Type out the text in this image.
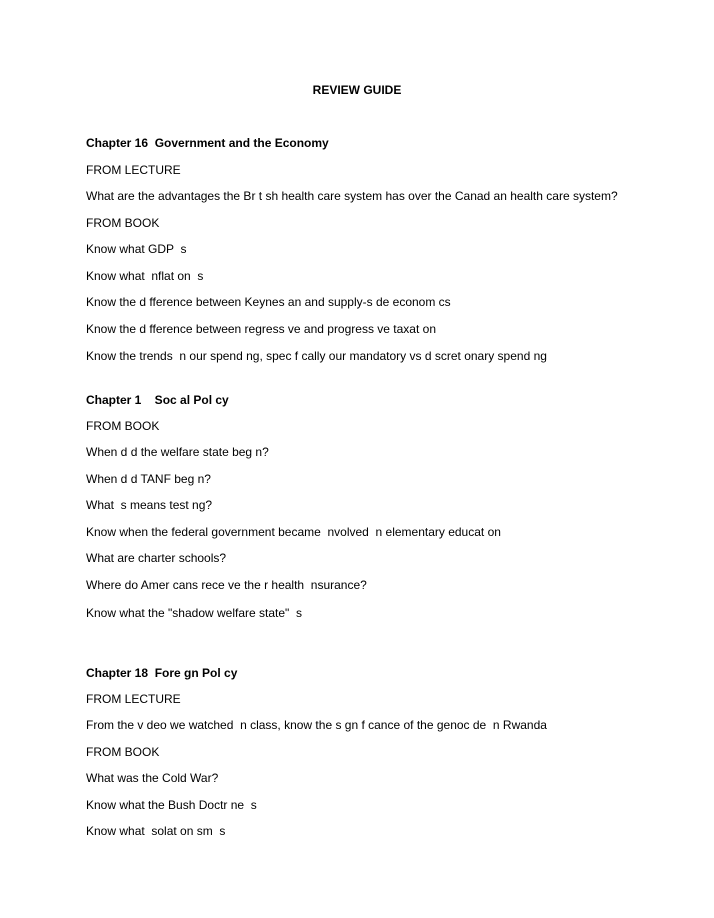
REVIEW GUIDE
Chapter 16  Government and the Economy
FROM LECTURE
What are the advantages the Br t sh health care system has over the Canad an health care system?
FROM BOOK
Know what GDP  s
Know what  nflat on  s
Know the d fference between Keynes an and supply-s de econom cs
Know the d fference between regress ve and progress ve taxat on
Know the trends  n our spend ng, spec f cally our mandatory vs d scret onary spend ng
Chapter 1    Soc al Pol cy
FROM BOOK
When d d the welfare state beg n?
When d d TANF beg n?
What  s means test ng?
Know when the federal government became  nvolved  n elementary educat on
What are charter schools?
Where do Amer cans rece ve the r health  nsurance?
Know what the "shadow welfare state"  s
Chapter 18  Fore gn Pol cy
FROM LECTURE
From the v deo we watched  n class, know the s gn f cance of the genoc de  n Rwanda
FROM BOOK
What was the Cold War?
Know what the Bush Doctr ne  s
Know what  solat on sm  s
